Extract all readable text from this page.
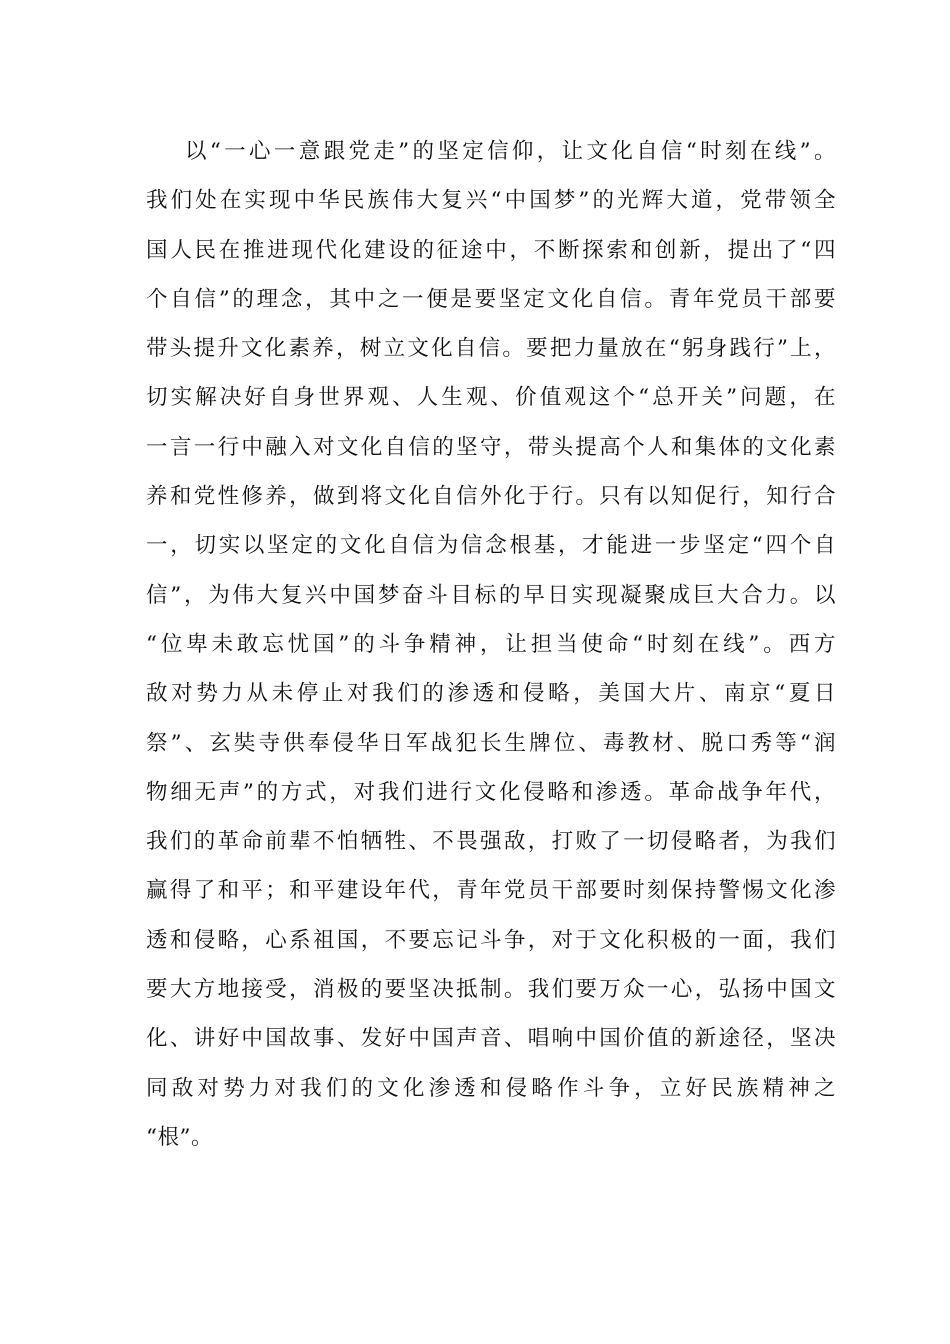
以“一心一意跟党走”的坚定信仰，让文化自信“时刻在线”。
我们处在实现中华民族伟大复兴“中国梦”的光辉大道，党带领全
国人民在推进现代化建设的征途中，不断探索和创新，提出了“四
个自信”的理念，其中之一便是要坚定文化自信。青年党员干部要
带头提升文化素养，树立文化自信。要把力量放在“躬身践行”上，
切实解决好自身世界观、人生观、价值观这个“总开关”问题，在
一言一行中融入对文化自信的坚守，带头提高个人和集体的文化素
养和党性修养，做到将文化自信外化于行。只有以知促行，知行合
一，切实以坚定的文化自信为信念根基，才能进一步坚定“四个自
信”，为伟大复兴中国梦奋斗目标的早日实现凝聚成巨大合力。以
“位卑未敢忘忧国”的斗争精神，让担当使命“时刻在线”。西方
敌对势力从未停止对我们的渗透和侵略，美国大片、南京“夏日
祭”、玄奘寺供奉侵华日军战犯长生牌位、毒教材、脱口秀等“润
物细无声”的方式，对我们进行文化侵略和渗透。革命战争年代，
我们的革命前辈不怕牺牲、不畏强敌，打败了一切侵略者，为我们
赢得了和平；和平建设年代，青年党员干部要时刻保持警惕文化渗
透和侵略，心系祖国，不要忘记斗争，对于文化积极的一面，我们
要大方地接受，消极的要坚决抵制。我们要万众一心，弘扬中国文
化、讲好中国故事、发好中国声音、唱响中国价值的新途径，坚决
同敌对势力对我们的文化渗透和侵略作斗争，立好民族精神之
“根”。
